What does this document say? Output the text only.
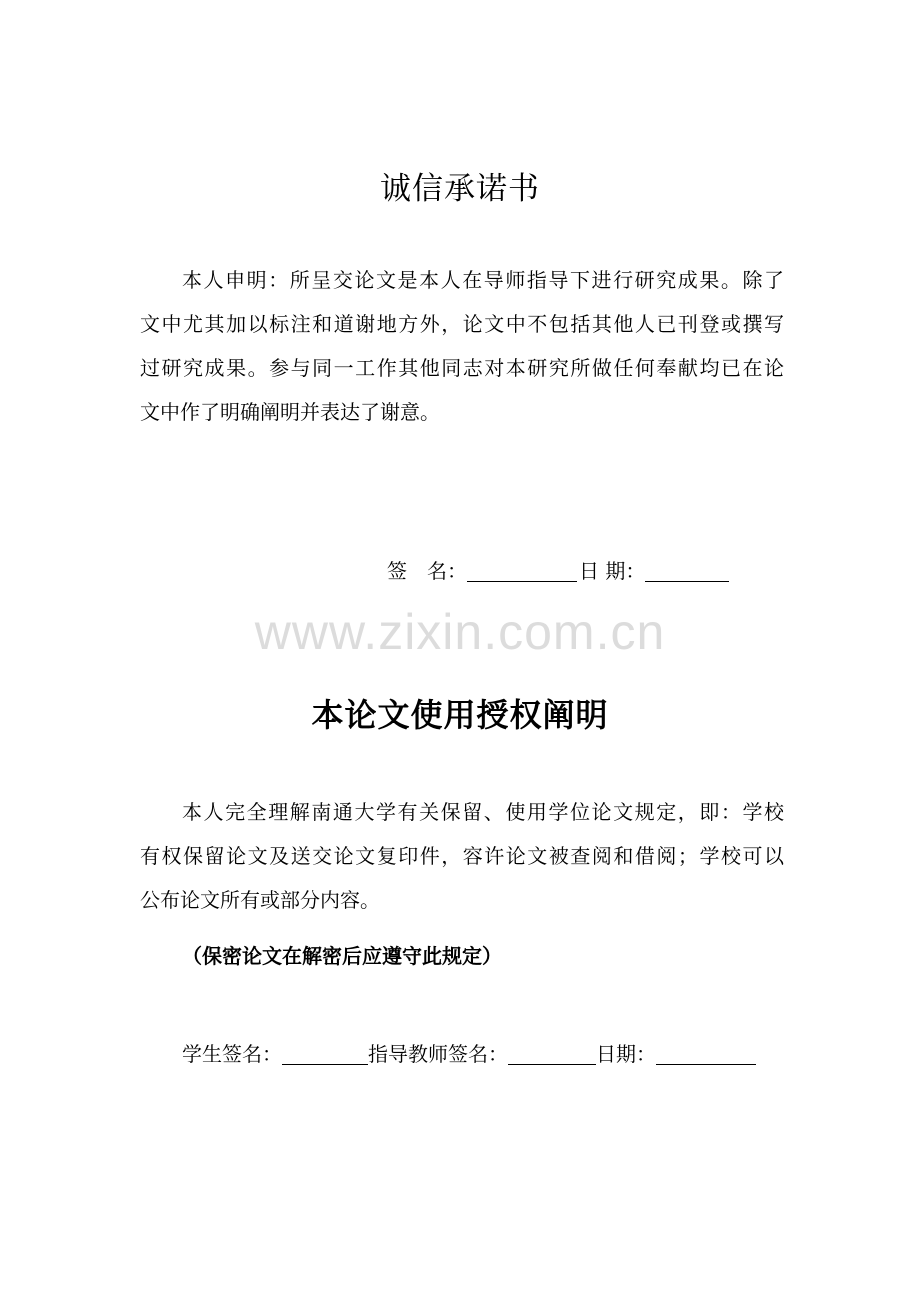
诚信承诺书
本人申明：所呈交论文是本人在导师指导下进行研究成果。除了
文中尤其加以标注和道谢地方外，论文中不包括其他人已刊登或撰写
过研究成果。参与同一工作其他同志对本研究所做任何奉献均已在论
文中作了明确阐明并表达了谢意。
签　名：	日 期：
www.zixin.com.cn
本论文使用授权阐明
本人完全理解南通大学有关保留、使用学位论文规定，即：学校
有权保留论文及送交论文复印件，容许论文被查阅和借阅；学校可以
公布论文所有或部分内容。
（保密论文在解密后应遵守此规定）
学生签名：	指导教师签名：	日期：
